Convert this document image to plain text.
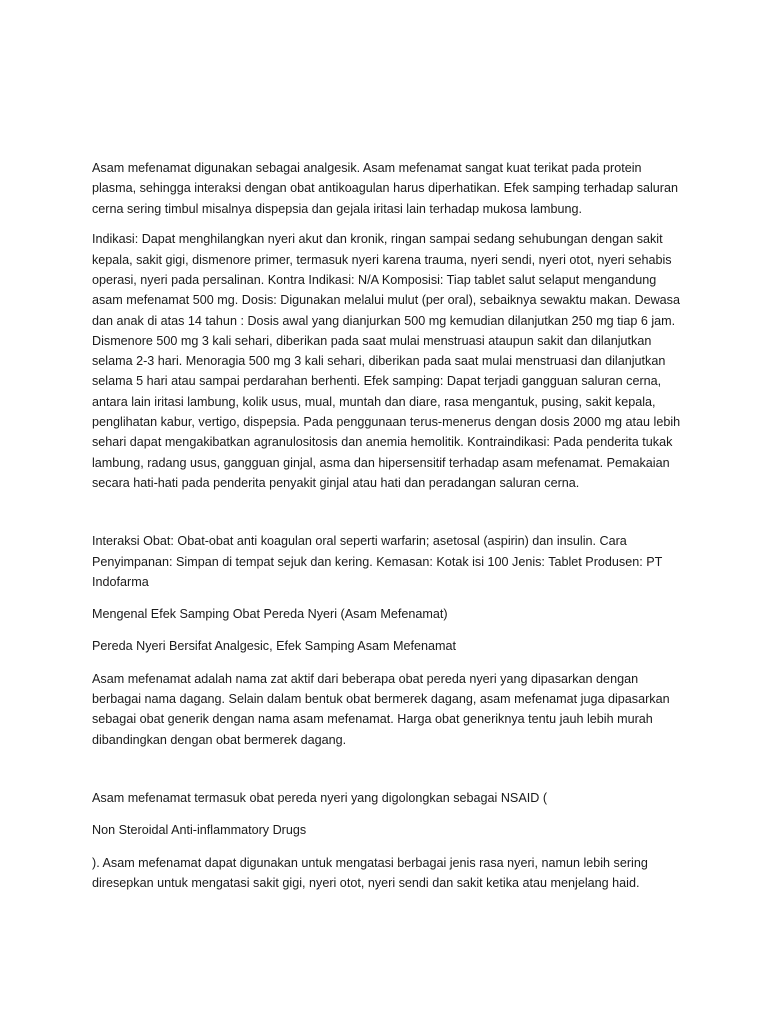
Asam mefenamat digunakan sebagai analgesik. Asam mefenamat sangat kuat terikat pada protein plasma, sehingga interaksi dengan obat antikoagulan harus diperhatikan. Efek samping terhadap saluran cerna sering timbul misalnya dispepsia dan gejala iritasi lain terhadap mukosa lambung.

Indikasi: Dapat menghilangkan nyeri akut dan kronik, ringan sampai sedang sehubungan dengan sakit kepala, sakit gigi, dismenore primer, termasuk nyeri karena trauma, nyeri sendi, nyeri otot, nyeri sehabis operasi, nyeri pada persalinan. Kontra Indikasi: N/A Komposisi: Tiap tablet salut selaput mengandung asam mefenamat 500 mg. Dosis: Digunakan melalui mulut (per oral), sebaiknya sewaktu makan. Dewasa dan anak di atas 14 tahun : Dosis awal yang dianjurkan 500 mg kemudian dilanjutkan 250 mg tiap 6 jam. Dismenore 500 mg 3 kali sehari, diberikan pada saat mulai menstruasi ataupun sakit dan dilanjutkan selama 2-3 hari. Menoragia 500 mg 3 kali sehari, diberikan pada saat mulai menstruasi dan dilanjutkan selama 5 hari atau sampai perdarahan berhenti. Efek samping: Dapat terjadi gangguan saluran cerna, antara lain iritasi lambung, kolik usus, mual, muntah dan diare, rasa mengantuk, pusing, sakit kepala, penglihatan kabur, vertigo, dispepsia. Pada penggunaan terus-menerus dengan dosis 2000 mg atau lebih sehari dapat mengakibatkan agranulositosis dan anemia hemolitik. Kontraindikasi: Pada penderita tukak lambung, radang usus, gangguan ginjal, asma dan hipersensitif terhadap asam mefenamat. Pemakaian secara hati-hati pada penderita penyakit ginjal atau hati dan peradangan saluran cerna.

Interaksi Obat: Obat-obat anti koagulan oral seperti warfarin; asetosal (aspirin) dan insulin. Cara Penyimpanan: Simpan di tempat sejuk dan kering. Kemasan: Kotak isi 100 Jenis: Tablet Produsen: PT Indofarma

Mengenal Efek Samping Obat Pereda Nyeri (Asam Mefenamat)

Pereda Nyeri Bersifat Analgesic, Efek Samping Asam Mefenamat

Asam mefenamat adalah nama zat aktif dari beberapa obat pereda nyeri yang dipasarkan dengan berbagai nama dagang. Selain dalam bentuk obat bermerek dagang, asam mefenamat juga dipasarkan sebagai obat generik dengan nama asam mefenamat. Harga obat generiknya tentu jauh lebih murah dibandingkan dengan obat bermerek dagang.

Asam mefenamat termasuk obat pereda nyeri yang digolongkan sebagai NSAID (

Non Steroidal Anti-inflammatory Drugs

). Asam mefenamat dapat digunakan untuk mengatasi berbagai jenis rasa nyeri, namun lebih sering diresepkan untuk mengatasi sakit gigi, nyeri otot, nyeri sendi dan sakit ketika atau menjelang haid.
